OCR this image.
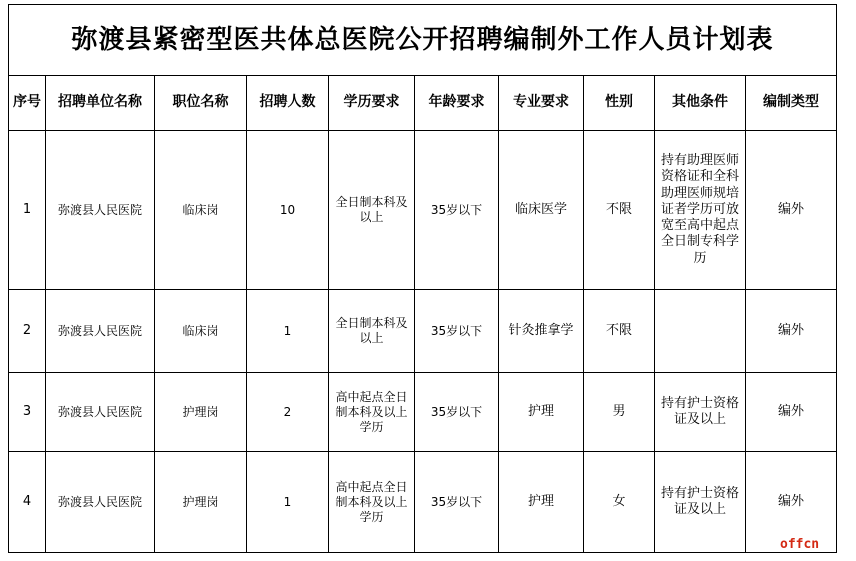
弥渡县紧密型医共体总医院公开招聘编制外工作人员计划表									
序号	招聘单位名称	职位名称	招聘人数	学历要求	年龄要求	专业要求	性别	其他条件	编制类型
1	弥渡县人民医院	临床岗	10	全日制本科及以上	35岁以下	临床医学	不限	持有助理医师资格证和全科助理医师规培证者学历可放宽至高中起点全日制专科学历	编外
2	弥渡县人民医院	临床岗	1	全日制本科及以上	35岁以下	针灸推拿学	不限		编外
3	弥渡县人民医院	护理岗	2	高中起点全日制本科及以上学历	35岁以下	护理	男	持有护士资格证及以上	编外
4	弥渡县人民医院	护理岗	1	高中起点全日制本科及以上学历	35岁以下	护理	女	持有护士资格证及以上	编外
offcn
